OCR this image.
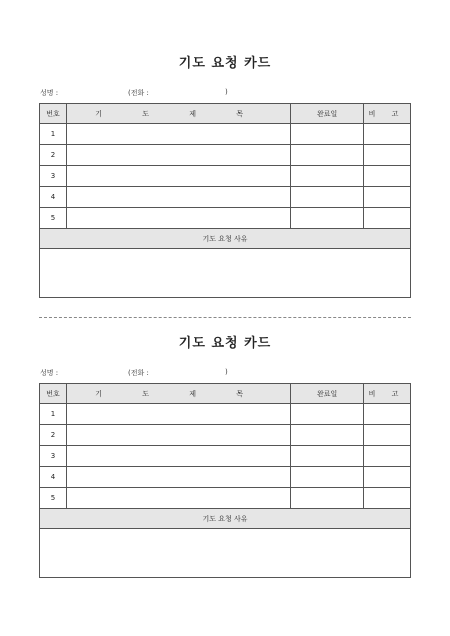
기도 요청 카드
성명 :	(전화 :	)
번호	기 도 제 목	완료일	비 고
1			
2			
3			
4			
5			
기도 요청 사유			

기도 요청 카드
성명 :	(전화 :	)
번호	기 도 제 목	완료일	비 고
1			
2			
3			
4			
5			
기도 요청 사유			
